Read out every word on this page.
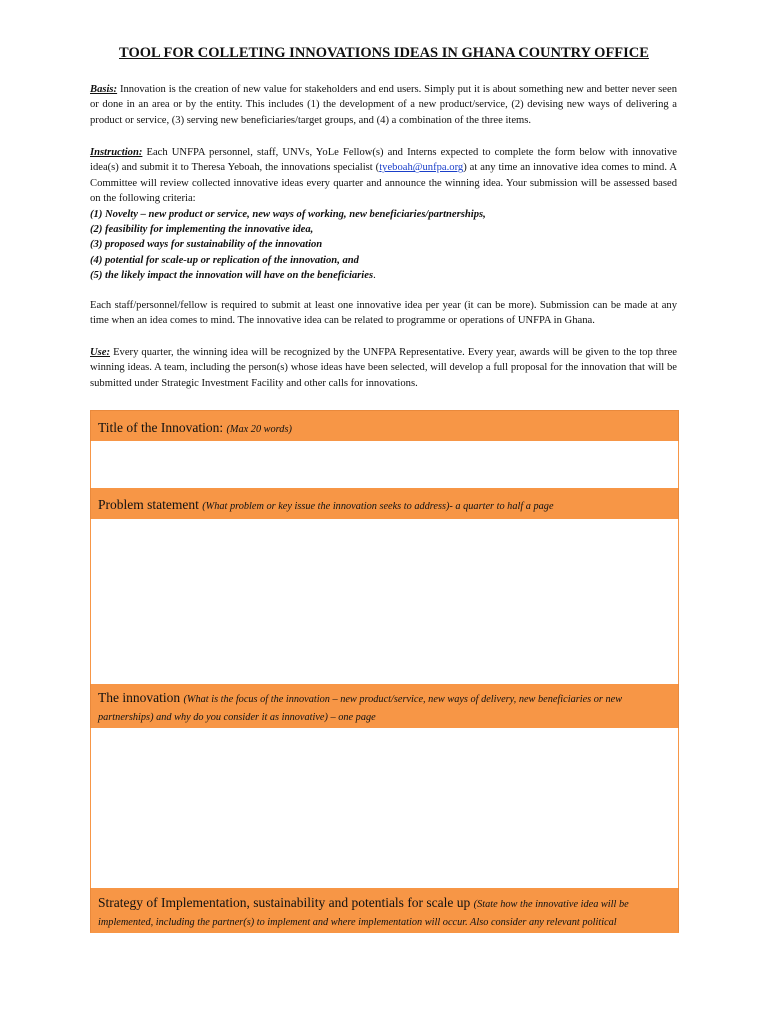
TOOL FOR COLLETING INNOVATIONS IDEAS IN GHANA COUNTRY OFFICE

Basis: Innovation is the creation of new value for stakeholders and end users. Simply put it is about something new and better never seen or done in an area or by the entity. This includes (1) the development of a new product/service, (2) devising new ways of delivering a product or service, (3) serving new beneficiaries/target groups, and (4) a combination of the three items.

Instruction: Each UNFPA personnel, staff, UNVs, YoLe Fellow(s) and Interns expected to complete the form below with innovative idea(s) and submit it to Theresa Yeboah, the innovations specialist (tyeboah@unfpa.org) at any time an innovative idea comes to mind. A Committee will review collected innovative ideas every quarter and announce the winning idea. Your submission will be assessed based on the following criteria:
(1) Novelty – new product or service, new ways of working, new beneficiaries/partnerships,
(2) feasibility for implementing the innovative idea,
(3) proposed ways for sustainability of the innovation
(4) potential for scale-up or replication of the innovation, and
(5) the likely impact the innovation will have on the beneficiaries.

Each staff/personnel/fellow is required to submit at least one innovative idea per year (it can be more). Submission can be made at any time when an idea comes to mind. The innovative idea can be related to programme or operations of UNFPA in Ghana.

Use: Every quarter, the winning idea will be recognized by the UNFPA Representative. Every year, awards will be given to the top three winning ideas. A team, including the person(s) whose ideas have been selected, will develop a full proposal for the innovation that will be submitted under Strategic Investment Facility and other calls for innovations.

Title of the Innovation: (Max 20 words)
Problem statement (What problem or key issue the innovation seeks to address)- a quarter to half a page
The innovation (What is the focus of the innovation – new product/service, new ways of delivery, new beneficiaries or new partnerships) and why do you consider it as innovative) – one page
Strategy of Implementation, sustainability and potentials for scale up (State how the innovative idea will be implemented, including the partner(s) to implement and where implementation will occur. Also consider any relevant political
